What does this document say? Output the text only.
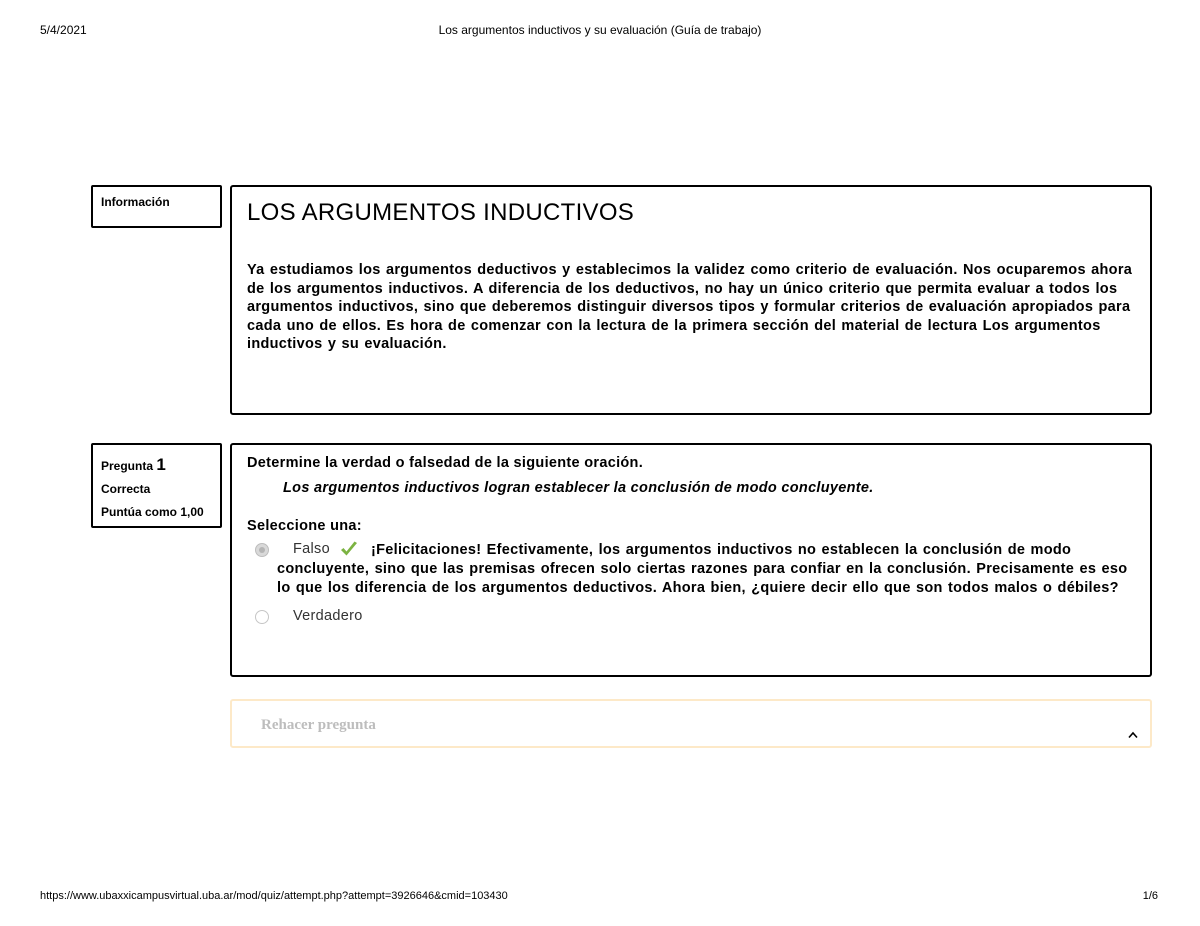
5/4/2021	Los argumentos inductivos y su evaluación (Guía de trabajo)
Información	LOS ARGUMENTOS INDUCTIVOS

Ya estudiamos los argumentos deductivos y establecimos la validez como criterio de evaluación. Nos ocuparemos ahora de los argumentos inductivos. A diferencia de los deductivos, no hay un único criterio que permita evaluar a todos los argumentos inductivos, sino que deberemos distinguir diversos tipos y formular criterios de evaluación apropiados para cada uno de ellos. Es hora de comenzar con la lectura de la primera sección del material de lectura Los argumentos inductivos y su evaluación.

Pregunta 1
Correcta
Puntúa como 1,00
Determine la verdad o falsedad de la siguiente oración.
Los argumentos inductivos logran establecer la conclusión de modo concluyente.
Seleccione una:
Falso	¡Felicitaciones! Efectivamente, los argumentos inductivos no establecen la conclusión de modo concluyente, sino que las premisas ofrecen solo ciertas razones para confiar en la conclusión. Precisamente es eso lo que los diferencia de los argumentos deductivos. Ahora bien, ¿quiere decir ello que son todos malos o débiles?
Verdadero
Rehacer pregunta
https://www.ubaxxicampusvirtual.uba.ar/mod/quiz/attempt.php?attempt=3926646&cmid=103430	1/6
